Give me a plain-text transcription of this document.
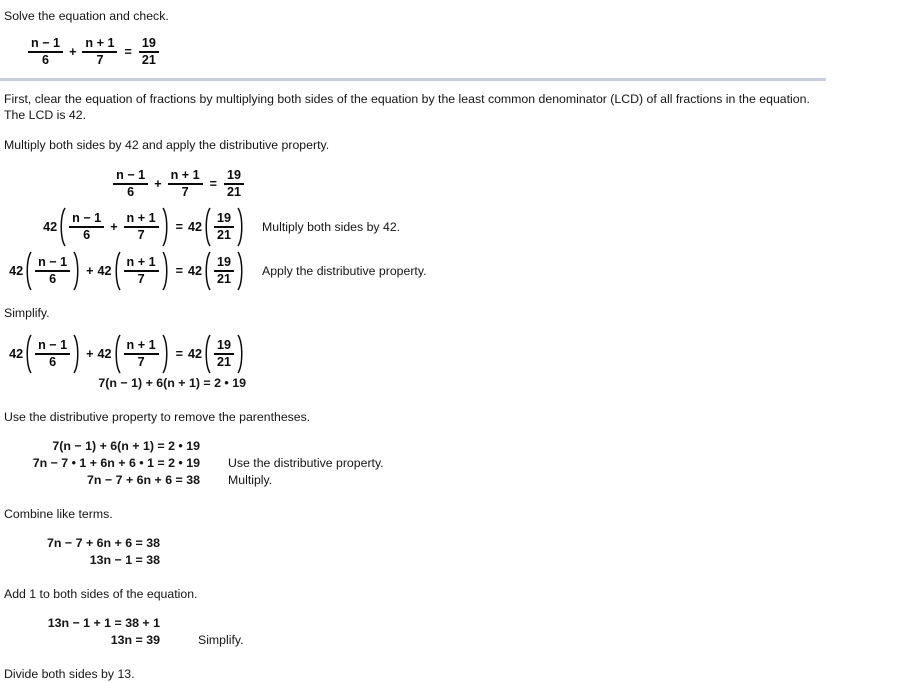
Solve the equation and check.

$\frac{n - 1}{6} + \frac{n + 1}{7} = \frac{19}{21}$

First, clear the equation of fractions by multiplying both sides of the equation by the least common denominator (LCD) of all fractions in the equation. The LCD is 42.

Multiply both sides by 42 and apply the distributive property.

$\frac{n - 1}{6} + \frac{n + 1}{7} = \frac{19}{21}$
$42 \frac{n - 1}{6} + \frac{n + 1}{7}$	= $42 \frac{19}{21}$ Multiply both sides by 42.
$42 \frac{n - 1}{6}$	+ $42 \frac{n + 1}{7}$	= $42 \frac{19}{21}$ Apply the distributive property.

Simplify.

$42 \frac{n - 1}{6}$	+ $42 \frac{n + 1}{7}$	= $42 \frac{19}{21}$
7(n − 1) + 6(n + 1) = 2 • 19

Use the distributive property to remove the parentheses.

7(n − 1) + 6(n + 1) = 2 • 19
7n − 7 • 1 + 6n + 6 • 1 = 2 • 19 Use the distributive property.
7n − 7 + 6n + 6 = 38 Multiply.

Combine like terms.

7n − 7 + 6n + 6 = 38
13n − 1 = 38

Add 1 to both sides of the equation.

13n − 1 + 1 = 38 + 1
13n = 39	Simplify.

Divide both sides by 13.
